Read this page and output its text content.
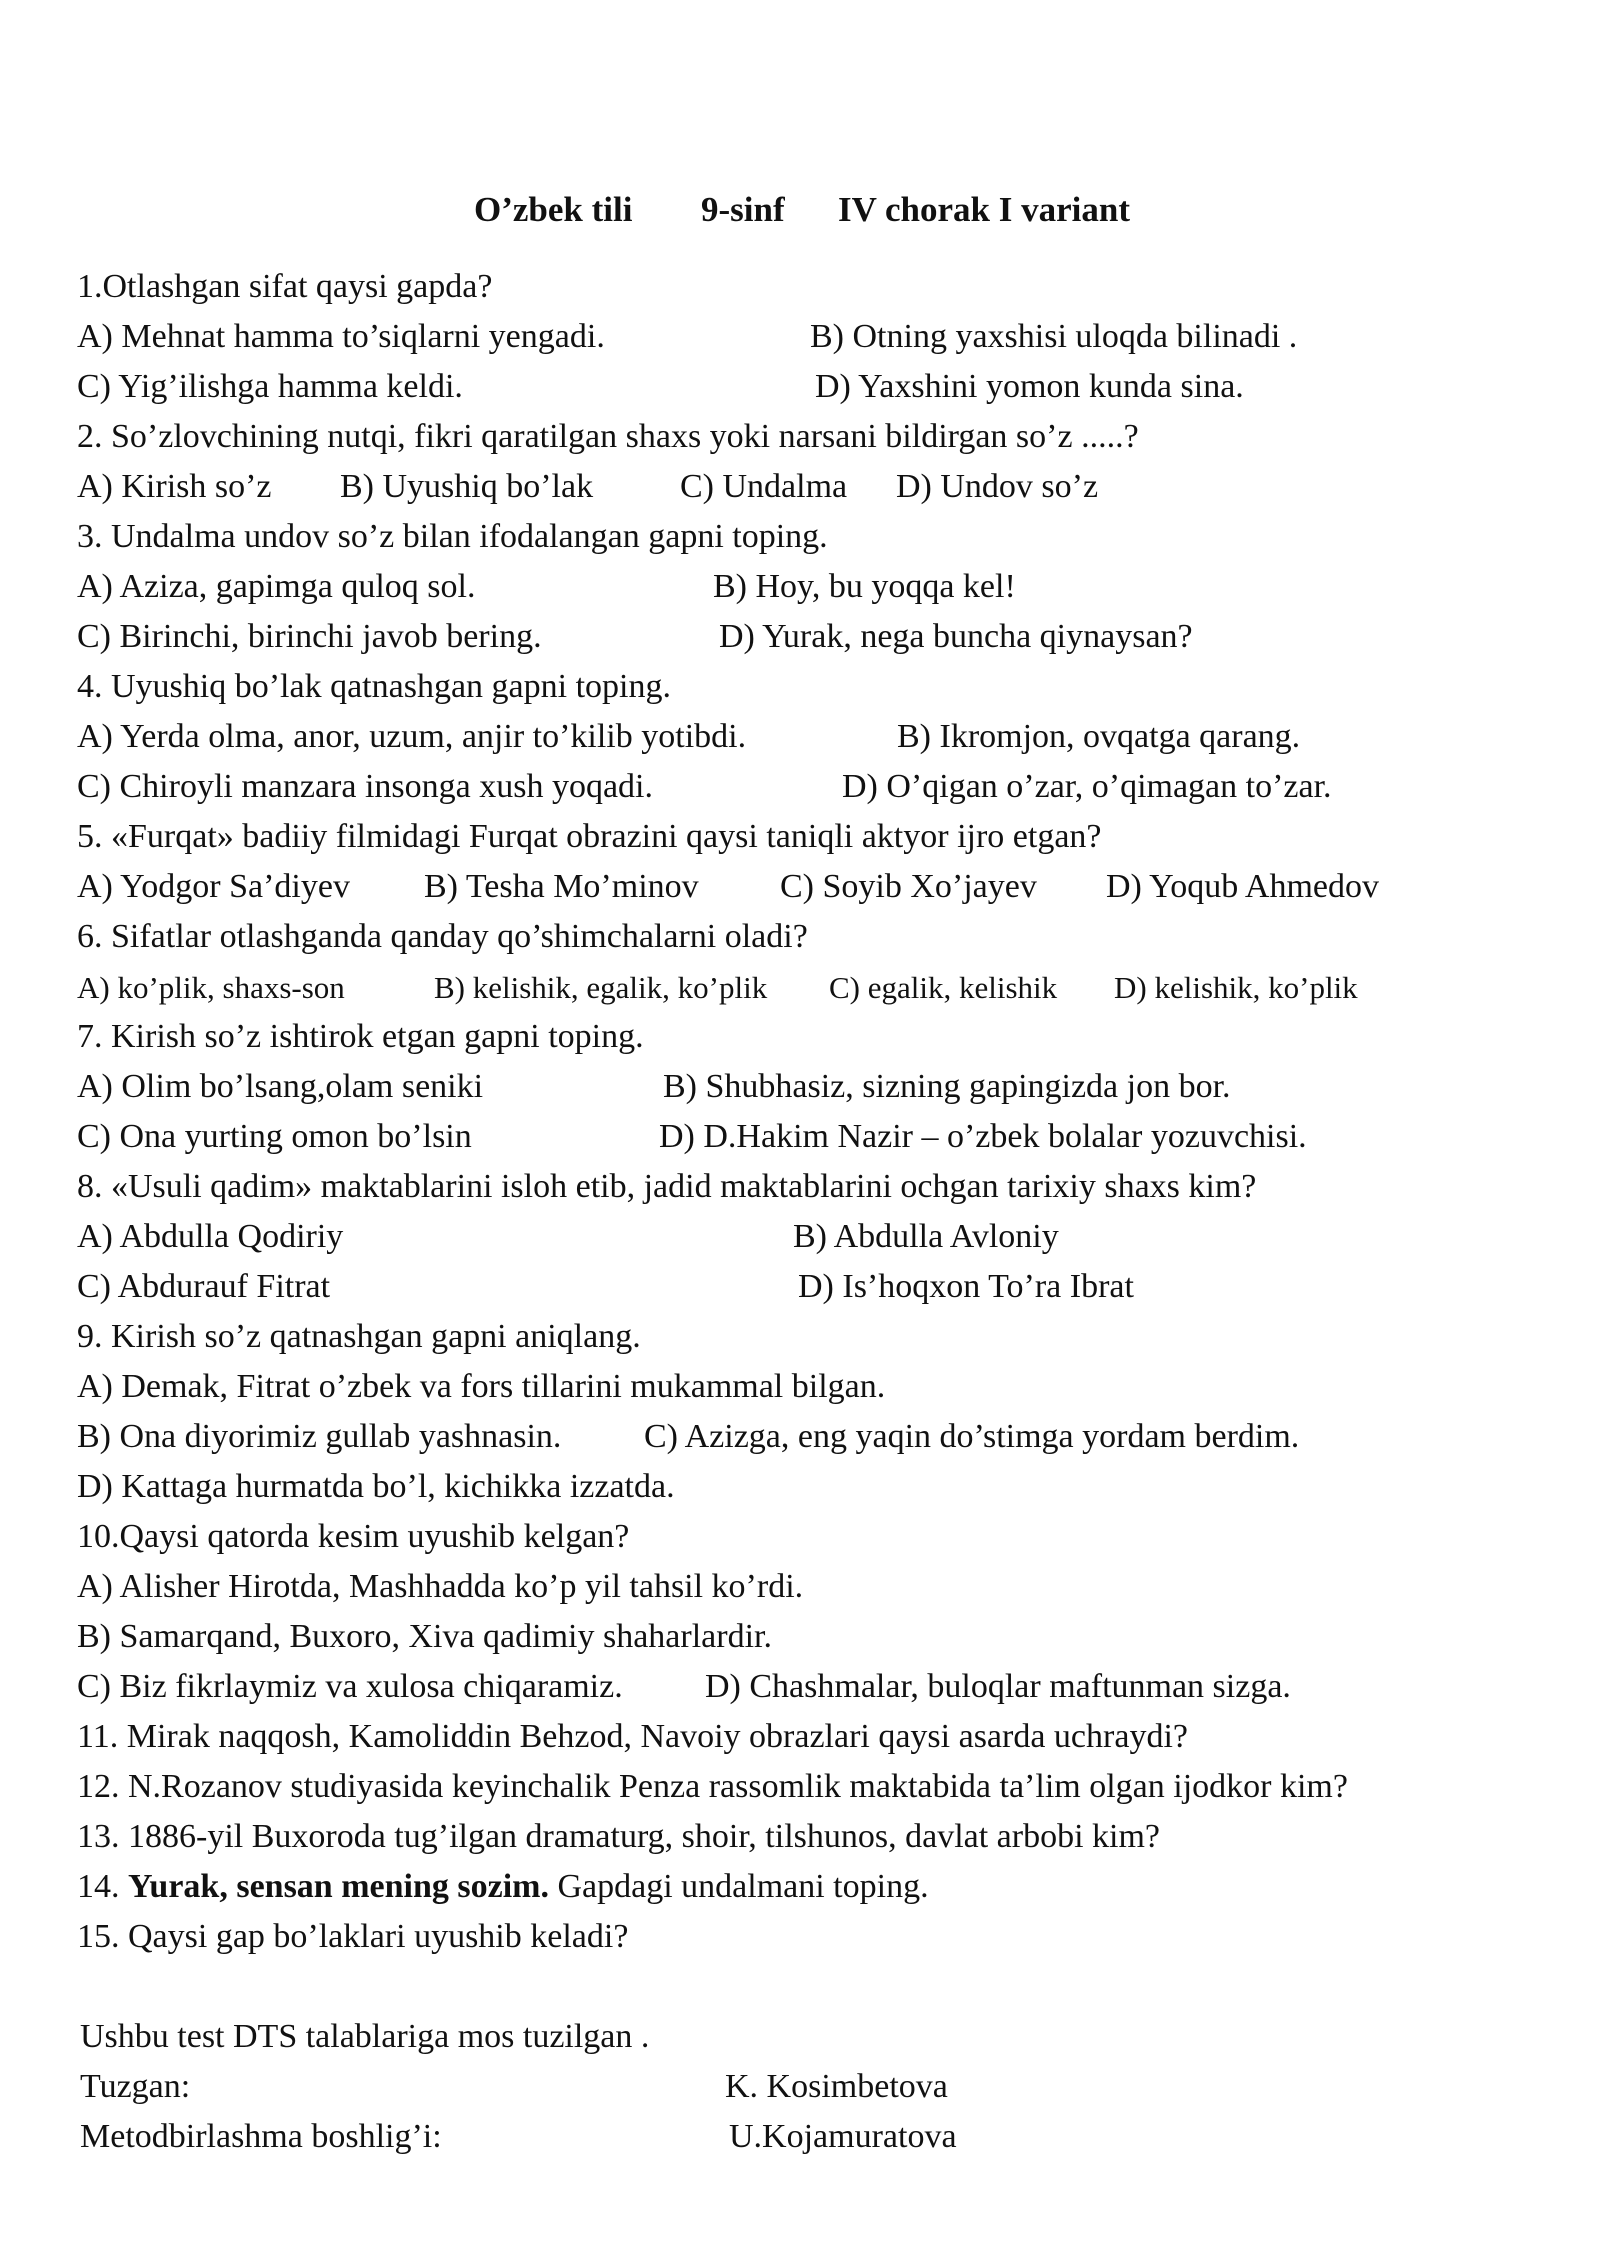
O’zbek tili 9-sinf IV chorak I variant
1.Otlashgan sifat qaysi gapda?
A) Mehnat hamma to’siqlarni yengadi.	B) Otning yaxshisi uloqda bilinadi .
C) Yig’ilishga hamma keldi.	D) Yaxshini yomon kunda sina.
2. So’zlovchining nutqi, fikri qaratilgan shaxs yoki narsani bildirgan so’z .....?
A) Kirish so’z B) Uyushiq bo’lak	C) Undalma D) Undov so’z
3. Undalma undov so’z bilan ifodalangan gapni toping.
A) Aziza, gapimga quloq sol.	B) Hoy, bu yoqqa kel!
C) Birinchi, birinchi javob bering.	D) Yurak, nega buncha qiynaysan?
4. Uyushiq bo’lak qatnashgan gapni toping.
A) Yerda olma, anor, uzum, anjir to’kilib yotibdi.	B) Ikromjon, ovqatga qarang.
C) Chiroyli manzara insonga xush yoqadi.	D) O’qigan o’zar, o’qimagan to’zar.
5. «Furqat» badiiy filmidagi Furqat obrazini qaysi taniqli aktyor ijro etgan?
A) Yodgor Sa’diyev B) Tesha Mo’minov C) Soyib Xo’jayev D) Yoqub Ahmedov
6. Sifatlar otlashganda qanday qo’shimchalarni oladi?
A) ko’plik, shaxs-son	B) kelishik, egalik, ko’plik C) egalik, kelishik D) kelishik, ko’plik
7. Kirish so’z ishtirok etgan gapni toping.
A) Olim bo’lsang,olam seniki	B) Shubhasiz, sizning gapingizda jon bor.
C) Ona yurting omon bo’lsin	D) D.Hakim Nazir – o’zbek bolalar yozuvchisi.
8. «Usuli qadim» maktablarini isloh etib, jadid maktablarini ochgan tarixiy shaxs kim?
A) Abdulla Qodiriy	B) Abdulla Avloniy
C) Abdurauf Fitrat	D) Is’hoqxon To’ra Ibrat
9. Kirish so’z qatnashgan gapni aniqlang.
A) Demak, Fitrat o’zbek va fors tillarini mukammal bilgan.
B) Ona diyorimiz gullab yashnasin. C) Azizga, eng yaqin do’stimga yordam berdim.
D) Kattaga hurmatda bo’l, kichikka izzatda.
10.Qaysi qatorda kesim uyushib kelgan?
A) Alisher Hirotda, Mashhadda ko’p yil tahsil ko’rdi.
B) Samarqand, Buxoro, Xiva qadimiy shaharlardir.
C) Biz fikrlaymiz va xulosa chiqaramiz. D) Chashmalar, buloqlar maftunman sizga.
11. Mirak naqqosh, Kamoliddin Behzod, Navoiy obrazlari qaysi asarda uchraydi?
12. N.Rozanov studiyasida keyinchalik Penza rassomlik maktabida ta’lim olgan ijodkor kim?
13. 1886-yil Buxoroda tug’ilgan dramaturg, shoir, tilshunos, davlat arbobi kim?
14. Yurak, sensan mening sozim. Gapdagi undalmani toping.
15. Qaysi gap bo’laklari uyushib keladi?
Ushbu test DTS talablariga mos tuzilgan .
Tuzgan:	K. Kosimbetova
Metodbirlashma boshlig’i:	U.Kojamuratova
